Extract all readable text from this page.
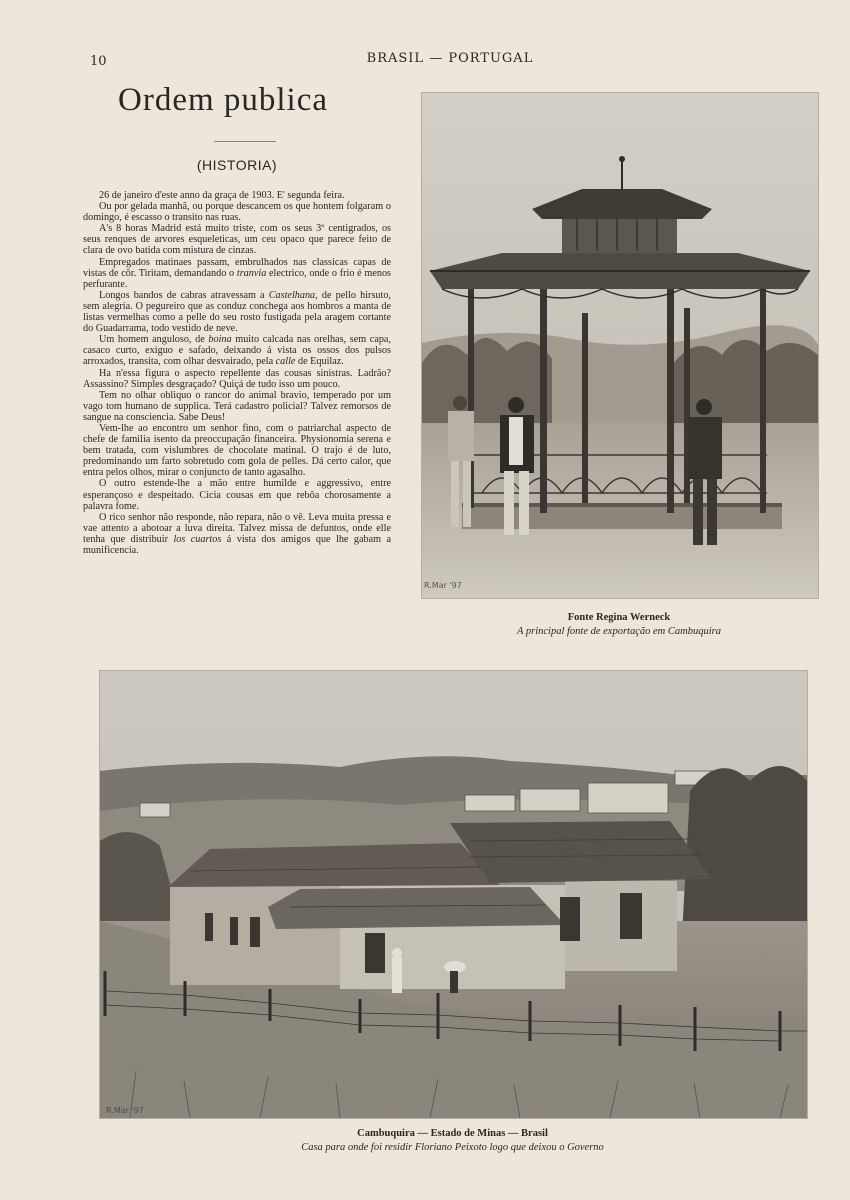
10	BRASIL — PORTUGAL
Ordem publica
(HISTORIA)

26 de janeiro d'este anno da graça de 1903. E' segunda feira.

Ou por gelada manhã, ou porque descancem os que hontem folgaram o domingo, é escasso o transito nas ruas.

A's 8 horas Madrid está muito triste, com os seus 3º centigrados, os seus renques de arvores esqueleticas, um ceu opaco que parece feito de clara de ovo batida com mistura de cinzas.

Empregados matinaes passam, embrulhados nas classicas capas de vistas de côr. Tiritam, demandando o tranvia electrico, onde o frio é menos perfurante.

Longos bandos de cabras atravessam a Castelhana, de pello hirsuto, sem alegria. O pegureiro que as conduz conchega aos hombros a manta de listas vermelhas como a pelle do seu rosto fustigada pela aragem cortante do Guadarrama, todo vestido de neve.

Um homem anguloso, de boina muito calcada nas orelhas, sem capa, casaco curto, exiguo e safado, deixando á vista os ossos dos pulsos arroxados, transita, com olhar desvairado, pela calle de Equilaz.

Ha n'essa figura o aspecto repellente das cousas sinistras. Ladrão? Assassino? Simples desgraçado? Quiçá de tudo isso um pouco.

Tem no olhar obliquo o rancor do animal bravio, temperado por um vago tom humano de supplica. Terá cadastro policial? Talvez remorsos de sangue na consciencia. Sabe Deus!

Vem-lhe ao encontro um senhor fino, com o patriarchal aspecto de chefe de familia isento da preoccupação financeira. Physionomia serena e bem tratada, com vislumbres de chocolate matinal. O trajo é de luto, predominando um farto sobretudo com gola de pelles. Dá certo calor, que entra pelos olhos, mirar o conjuncto de tanto agasalho.

O outro estende-lhe a mão entre humilde e aggressivo, entre esperançoso e despeitado. Ciciа cousas em que rebôa chorosamente a palavra fome.

O rico senhor não responde, não repara, não o vê. Leva muita pressa e vae attento a abotoar a luva direita. Talvez missa de defuntos, onde elle tenha que distribuir los cuartos á vista dos amigos que lhe gabam a munificencia.

R.Mar '97
Fonte Regina Werneck
A principal fonte de exportação em Cambuquira
R.Mar '97
Cambuquira — Estado de Minas — Brasil
Casa para onde foi residir Floriano Peixoto logo que deixou o Governo
